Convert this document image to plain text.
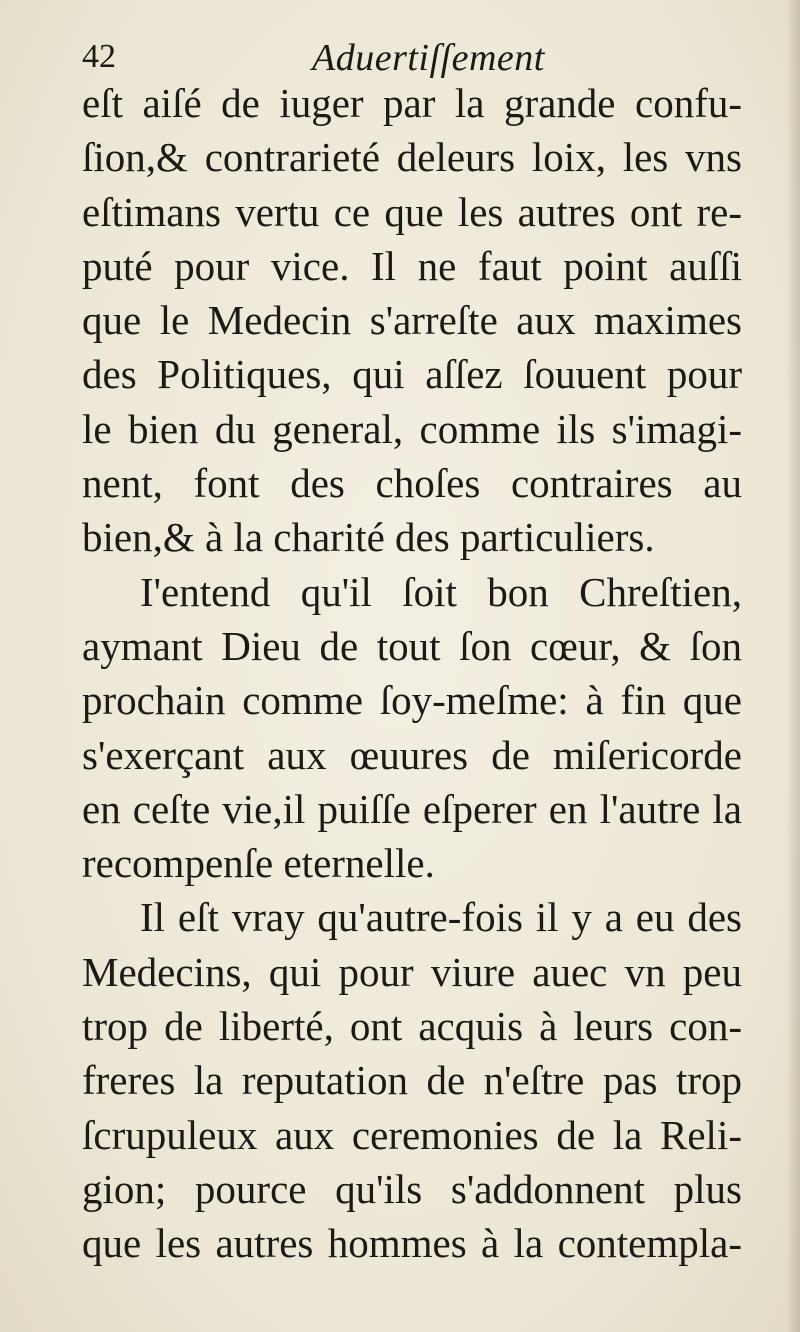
42	Aduertiſſement
eſt aiſé de iuger par la grande confu-
ſion,& contrarieté deleurs loix, les vns
eſtimans vertu ce que les autres ont re-
puté pour vice. Il ne faut point auſſi
que le Medecin s'arreſte aux maximes
des Politiques, qui aſſez ſouuent pour
le bien du general, comme ils s'imagi-
nent, font des choſes contraires au
bien,& à la charité des particuliers.
I'entend qu'il ſoit bon Chreſtien,
aymant Dieu de tout ſon cœur, & ſon
prochain comme ſoy-meſme: à fin que
s'exerçant aux œuures de miſericorde
en ceſte vie,il puiſſe eſperer en l'autre la
recompenſe eternelle.
Il eſt vray qu'autre-fois il y a eu des
Medecins, qui pour viure auec vn peu
trop de liberté, ont acquis à leurs con-
freres la reputation de n'eſtre pas trop
ſcrupuleux aux ceremonies de la Reli-
gion; pource qu'ils s'addonnent plus
que les autres hommes à la contempla-
